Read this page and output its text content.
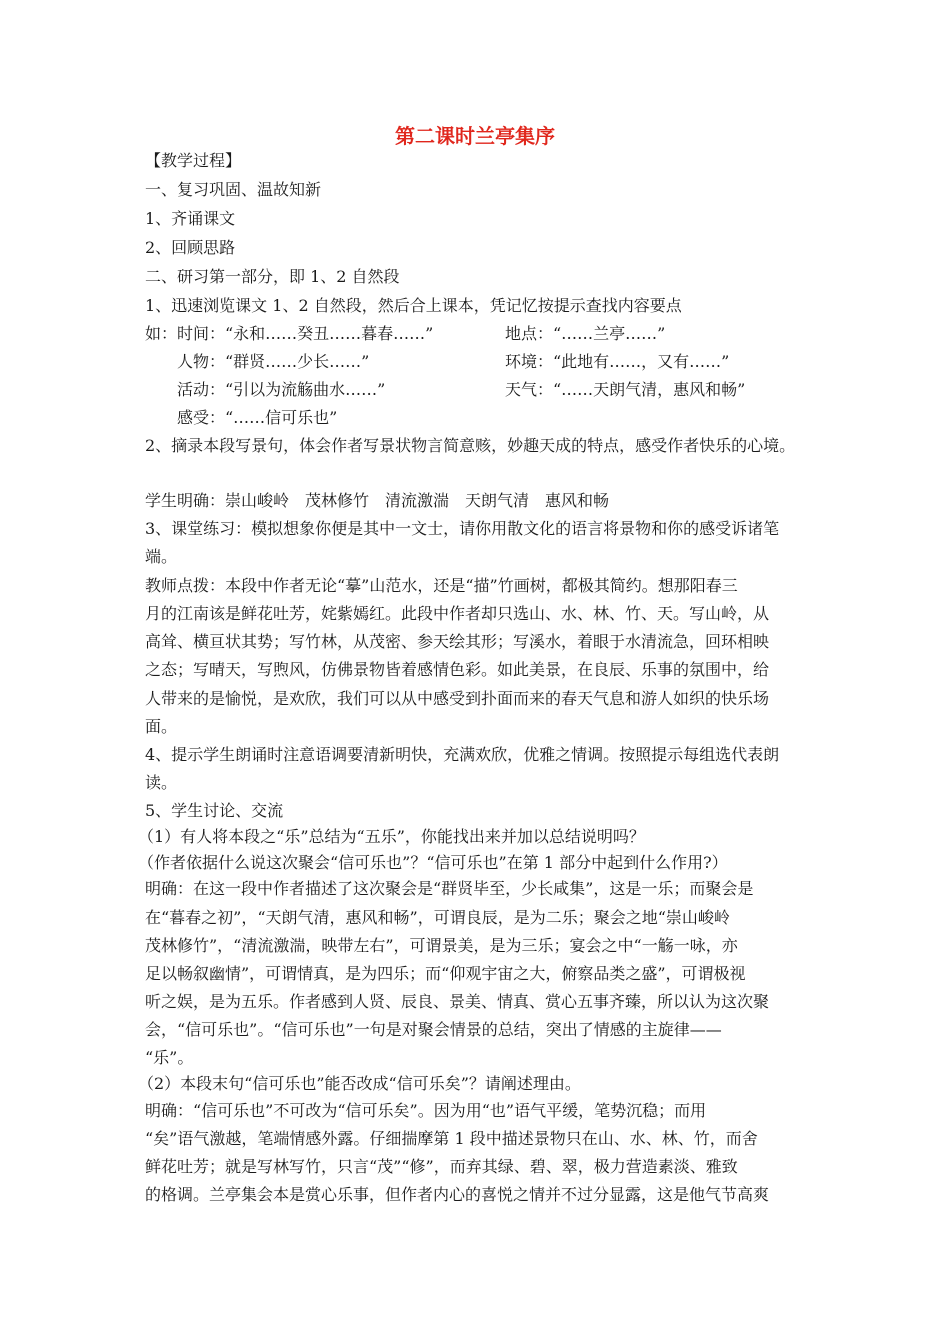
第二课时兰亭集序
【教学过程】
一、复习巩固、温故知新
1、齐诵课文
2、回顾思路
二、研习第一部分，即 1、2 自然段
1、迅速浏览课文 1、2 自然段，然后合上课本，凭记忆按提示查找内容要点
如：时间：“永和……癸丑……暮春……”	地点：“……兰亭……”
人物：“群贤……少长……”	环境：“此地有……，又有……”
活动：“引以为流觞曲水……”	天气：“……天朗气清，惠风和畅”
感受：“……信可乐也”
2、摘录本段写景句，体会作者写景状物言简意赅，妙趣天成的特点，感受作者快乐的心境。
学生明确：崇山峻岭　茂林修竹　清流激湍　天朗气清　惠风和畅
3、课堂练习：模拟想象你便是其中一文士，请你用散文化的语言将景物和你的感受诉诸笔
端。
教师点拨：本段中作者无论“摹”山范水，还是“描”竹画树，都极其简约。想那阳春三
月的江南该是鲜花吐芳，姹紫嫣红。此段中作者却只选山、水、林、竹、天。写山岭，从
高耸、横亘状其势；写竹林，从茂密、参天绘其形；写溪水，着眼于水清流急，回环相映
之态；写晴天，写煦风，仿佛景物皆着感情色彩。如此美景，在良辰、乐事的氛围中，给
人带来的是愉悦，是欢欣，我们可以从中感受到扑面而来的春天气息和游人如织的快乐场
面。
4、提示学生朗诵时注意语调要清新明快，充满欢欣，优雅之情调。按照提示每组选代表朗
读。
5、学生讨论、交流
（1）有人将本段之“乐”总结为“五乐”，你能找出来并加以总结说明吗？
（作者依据什么说这次聚会“信可乐也”？“信可乐也”在第 1 部分中起到什么作用?）
明确：在这一段中作者描述了这次聚会是“群贤毕至，少长咸集”，这是一乐；而聚会是
在“暮春之初”，“天朗气清，惠风和畅”，可谓良辰，是为二乐；聚会之地“崇山峻岭
茂林修竹”，“清流激湍，映带左右”，可谓景美，是为三乐；宴会之中“一觞一咏，亦
足以畅叙幽情”，可谓情真，是为四乐；而“仰观宇宙之大，俯察品类之盛”，可谓极视
听之娱，是为五乐。作者感到人贤、辰良、景美、情真、赏心五事齐臻，所以认为这次聚
会，“信可乐也”。“信可乐也”一句是对聚会情景的总结，突出了情感的主旋律——
“乐”。
（2）本段末句“信可乐也”能否改成“信可乐矣”？请阐述理由。
明确：“信可乐也”不可改为“信可乐矣”。因为用“也”语气平缓，笔势沉稳；而用
“矣”语气激越，笔端情感外露。仔细揣摩第 1 段中描述景物只在山、水、林、竹，而舍
鲜花吐芳；就是写林写竹，只言“茂”“修”，而弃其绿、碧、翠，极力营造素淡、雅致
的格调。兰亭集会本是赏心乐事，但作者内心的喜悦之情并不过分显露，这是他气节高爽
